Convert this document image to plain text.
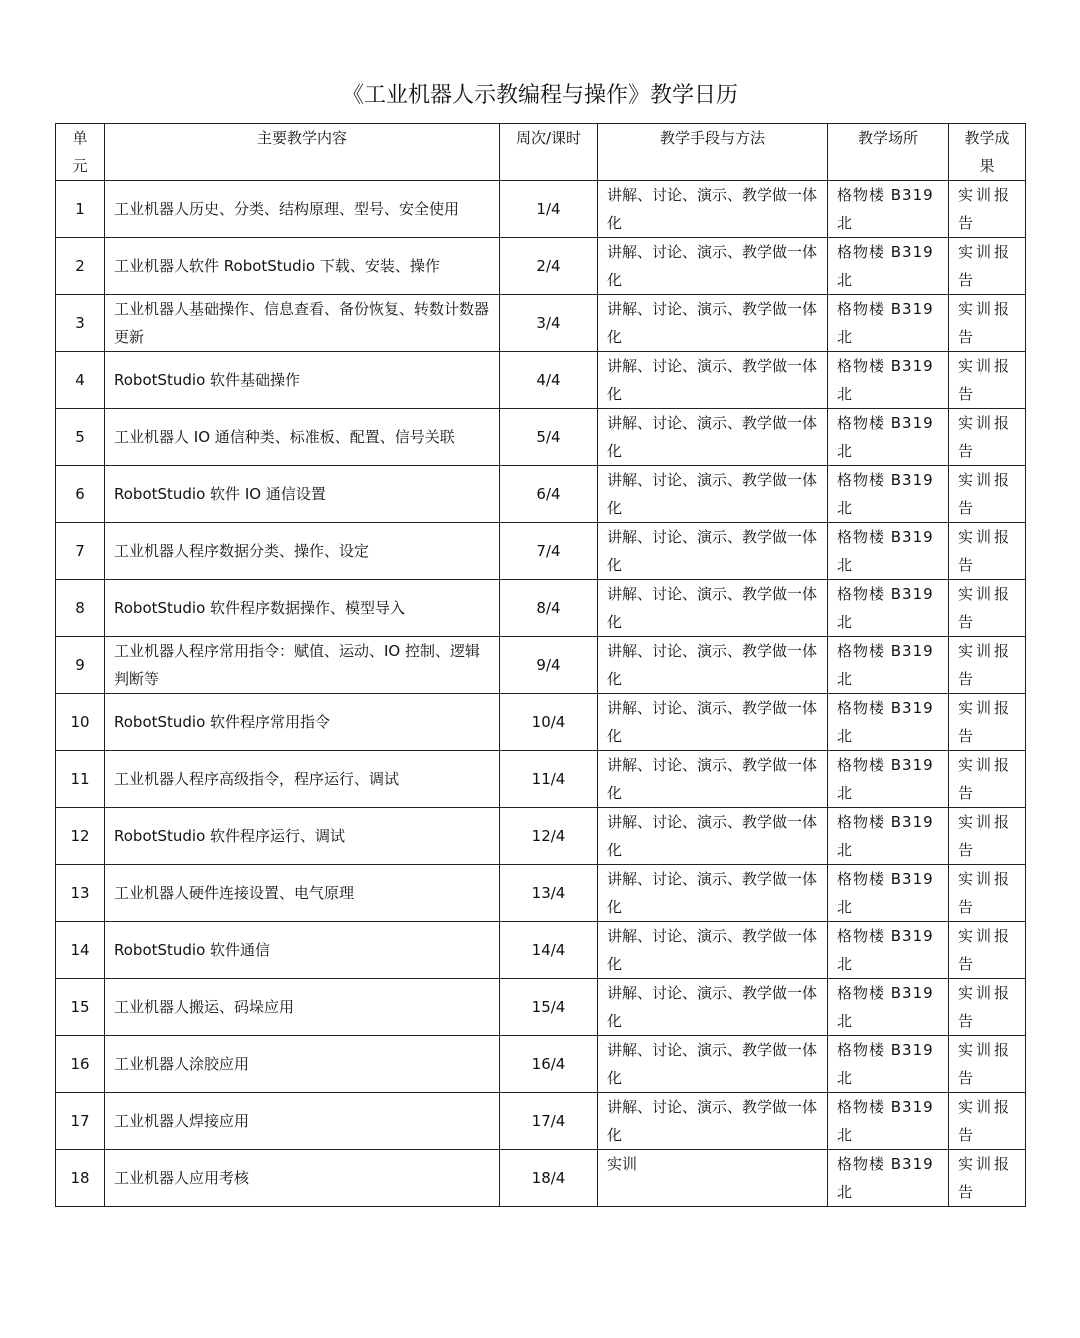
《工业机器人示教编程与操作》教学日历
单元	主要教学内容	周次/课时	教学手段与方法	教学场所	教学成果
1	工业机器人历史、分类、结构原理、型号、安全使用	1/4	讲解、讨论、演示、教学做一体化	格物楼 B319 北	实训报告
2	工业机器人软件 RobotStudio 下载、安装、操作	2/4	讲解、讨论、演示、教学做一体化	格物楼 B319 北	实训报告
3	工业机器人基础操作、信息查看、备份恢复、转数计数器更新	3/4	讲解、讨论、演示、教学做一体化	格物楼 B319 北	实训报告
4	RobotStudio 软件基础操作	4/4	讲解、讨论、演示、教学做一体化	格物楼 B319 北	实训报告
5	工业机器人 IO 通信种类、标准板、配置、信号关联	5/4	讲解、讨论、演示、教学做一体化	格物楼 B319 北	实训报告
6	RobotStudio 软件 IO 通信设置	6/4	讲解、讨论、演示、教学做一体化	格物楼 B319 北	实训报告
7	工业机器人程序数据分类、操作、设定	7/4	讲解、讨论、演示、教学做一体化	格物楼 B319 北	实训报告
8	RobotStudio 软件程序数据操作、模型导入	8/4	讲解、讨论、演示、教学做一体化	格物楼 B319 北	实训报告
9	工业机器人程序常用指令：赋值、运动、IO 控制、逻辑判断等	9/4	讲解、讨论、演示、教学做一体化	格物楼 B319 北	实训报告
10	RobotStudio 软件程序常用指令	10/4	讲解、讨论、演示、教学做一体化	格物楼 B319 北	实训报告
11	工业机器人程序高级指令，程序运行、调试	11/4	讲解、讨论、演示、教学做一体化	格物楼 B319 北	实训报告
12	RobotStudio 软件程序运行、调试	12/4	讲解、讨论、演示、教学做一体化	格物楼 B319 北	实训报告
13	工业机器人硬件连接设置、电气原理	13/4	讲解、讨论、演示、教学做一体化	格物楼 B319 北	实训报告
14	RobotStudio 软件通信	14/4	讲解、讨论、演示、教学做一体化	格物楼 B319 北	实训报告
15	工业机器人搬运、码垛应用	15/4	讲解、讨论、演示、教学做一体化	格物楼 B319 北	实训报告
16	工业机器人涂胶应用	16/4	讲解、讨论、演示、教学做一体化	格物楼 B319 北	实训报告
17	工业机器人焊接应用	17/4	讲解、讨论、演示、教学做一体化	格物楼 B319 北	实训报告
18	工业机器人应用考核	18/4	实训	格物楼 B319 北	实训报告
